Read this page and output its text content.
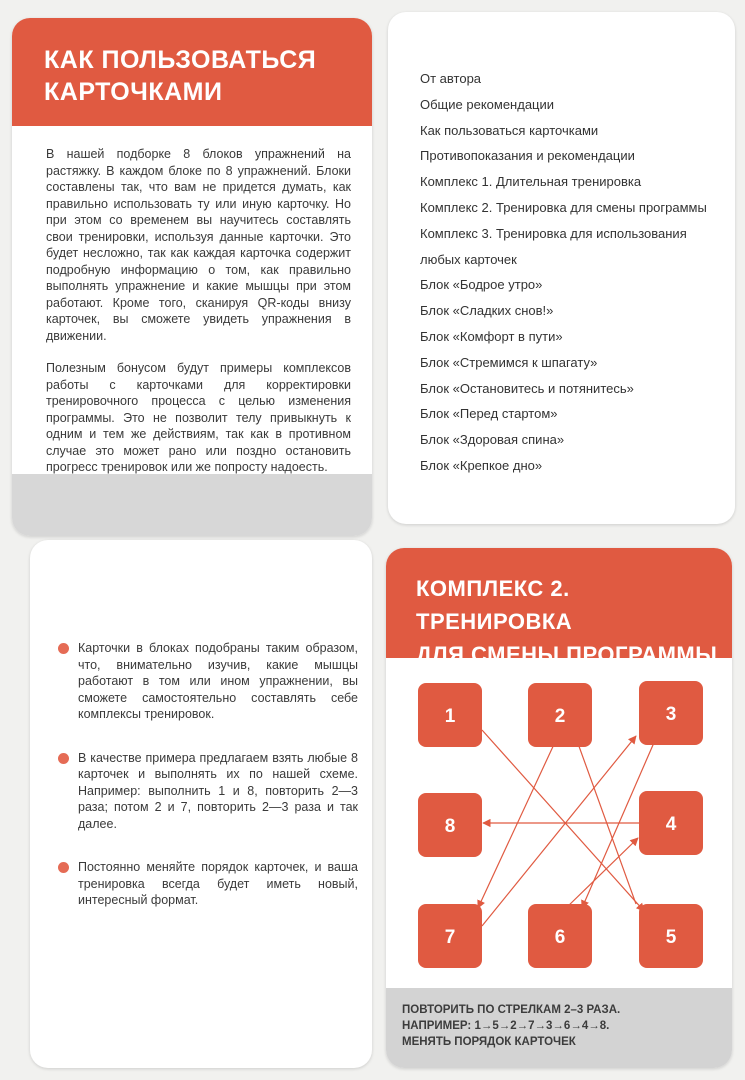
КАК ПОЛЬЗОВАТЬСЯ
КАРТОЧКАМИ

В нашей подборке 8 блоков упражнений на растяжку. В каждом блоке по 8 упражнений. Блоки составлены так, что вам не придется думать, как правильно использовать ту или иную карточку. Но при этом со временем вы научитесь составлять свои тренировки, используя данные карточки. Это будет несложно, так как каждая карточка содержит подробную информацию о том, как правильно выполнять упражнение и какие мышцы при этом работают. Кроме того, сканируя QR-коды внизу карточек, вы сможете увидеть упражнения в движении.

Полезным бонусом будут примеры комплексов работы с карточками для корректировки тренировочного процесса с целью изменения программы. Это не позволит телу привыкнуть к одним и тем же действиям, так как в противном случае это может рано или поздно остановить прогресс тренировок или же попросту надоесть.

От автора
Общие рекомендации
Как пользоваться карточками
Противопоказания и рекомендации
Комплекс 1. Длительная тренировка
Комплекс 2. Тренировка для смены программы
Комплекс 3. Тренировка для использования
любых карточек
Блок «Бодрое утро»
Блок «Сладких снов!»
Блок «Комфорт в пути»
Блок «Стремимся к шпагату»
Блок «Остановитесь и потянитесь»
Блок «Перед стартом»
Блок «Здоровая спина»
Блок «Крепкое дно»
Карточки в блоках подобраны таким образом, что, внимательно изучив, какие мышцы работают в том или ином упражнении, вы сможете самостоятельно составлять себе комплексы тренировок.
В качестве примера предлагаем взять любые 8 карточек и выполнять их по нашей схеме. Например: выполнить 1 и 8, повторить 2—3 раза; потом 2 и 7, повторить 2—3 раза и так далее.
Постоянно меняйте порядок карточек, и ваша тренировка всегда будет иметь новый, интересный формат.
КОМПЛЕКС 2. ТРЕНИРОВКА
ДЛЯ СМЕНЫ ПРОГРАММЫ
1	2	3
4
5
6
7
8
ПОВТОРИТЬ ПО СТРЕЛКАМ 2–3 РАЗА.
НАПРИМЕР: 1→5→2→7→3→6→4→8.
МЕНЯТЬ ПОРЯДОК КАРТОЧЕК
